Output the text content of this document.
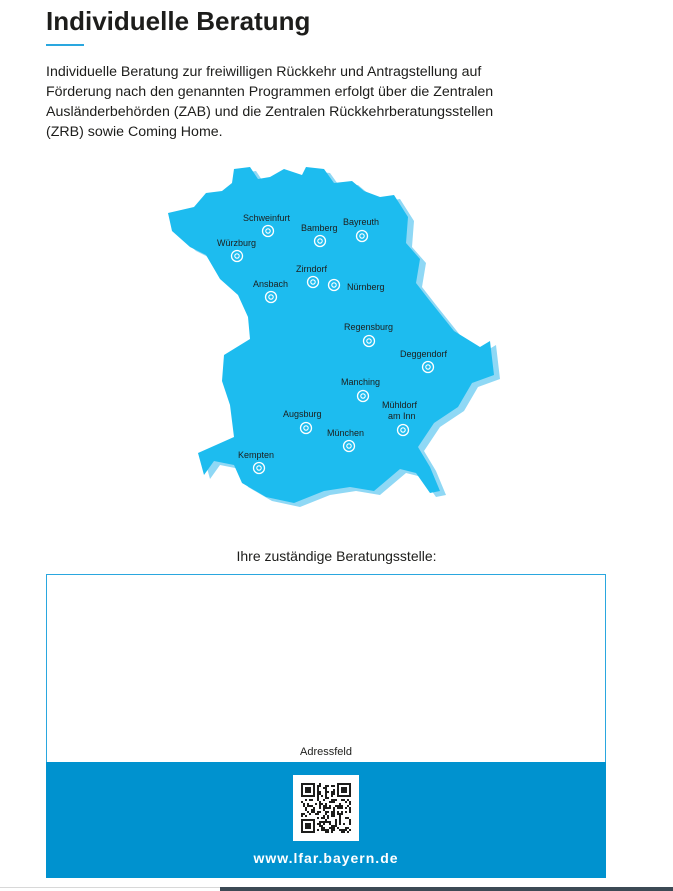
Individuelle Beratung

Individuelle Beratung zur freiwilligen Rückkehr und Antragstellung auf
Förderung nach den genannten Programmen erfolgt über die Zentralen
Ausländerbehörden (ZAB) und die Zentralen Rückkehrberatungsstellen
(ZRB) sowie Coming Home.

Schweinfurt
Bamberg
Bayreuth
Würzburg
Zirndorf
Ansbach	Nürnberg
Regensburg
Deggendorf
Manching
Mühldorf
am Inn
Augsburg
München
Kempten

Ihre zuständige Beratungsstelle:

Adressfeld
www.lfar.bayern.de
